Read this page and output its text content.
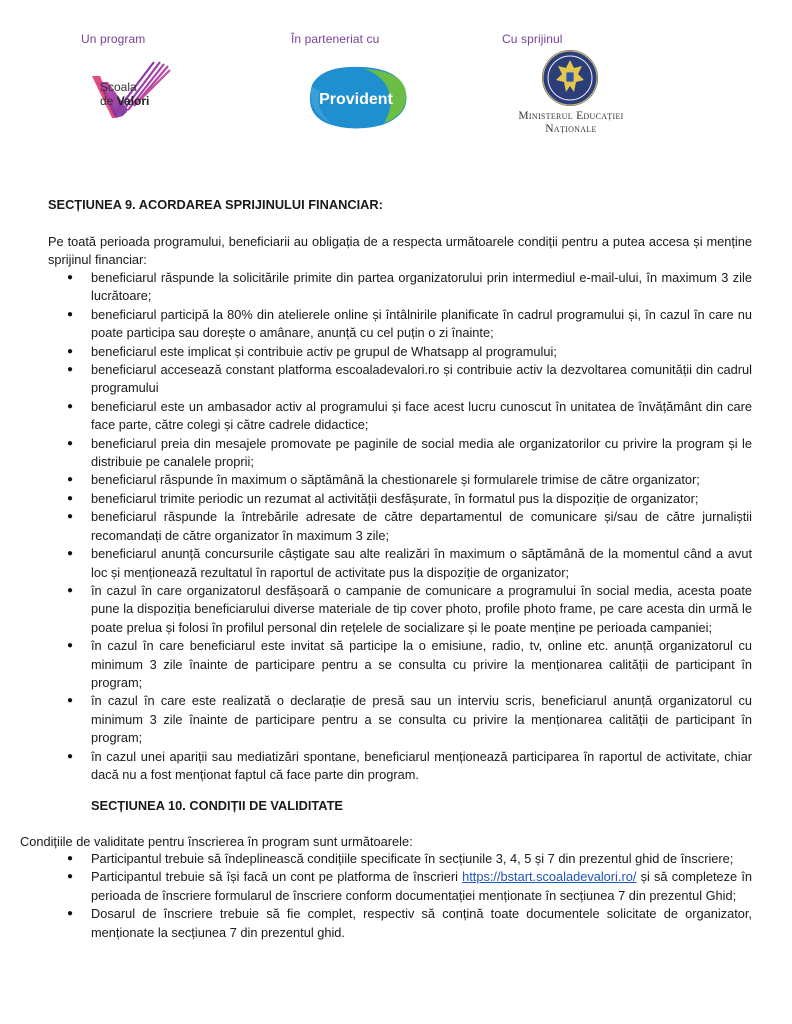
Un program	În parteneriat cu	Cu sprijinul
Școala
de Valori	Provident
Ministerul Educației
Naționale

SECȚIUNEA 9. ACORDAREA SPRIJINULUI FINANCIAR:

Pe toată perioada programului, beneficiarii au obligația de a respecta următoarele condiții pentru a putea accesa și menține sprijinul financiar:

● beneficiarul răspunde la solicitările primite din partea organizatorului prin intermediul e-mail-ului, în maximum 3 zile lucrătoare;
● beneficiarul participă la 80% din atelierele online și întâlnirile planificate în cadrul programului și, în cazul în care nu poate participa sau dorește o amânare, anunță cu cel puțin o zi înainte;
● beneficiarul este implicat și contribuie activ pe grupul de Whatsapp al programului;
● beneficiarul accesează constant platforma escoaladevalori.ro și contribuie activ la dezvoltarea comunității din cadrul programului
● beneficiarul este un ambasador activ al programului și face acest lucru cunoscut în unitatea de învățământ din care face parte, către colegi și către cadrele didactice;
● beneficiarul preia din mesajele promovate pe paginile de social media ale organizatorilor cu privire la program și le distribuie pe canalele proprii;
● beneficiarul răspunde în maximum o săptămână la chestionarele și formularele trimise de către organizator;
● beneficiarul trimite periodic un rezumat al activității desfășurate, în formatul pus la dispoziție de organizator;
● beneficiarul răspunde la întrebările adresate de către departamentul de comunicare și/sau de către jurnaliștii recomandați de către organizator în maximum 3 zile;
● beneficiarul anunță concursurile câștigate sau alte realizări în maximum o săptămână de la momentul când a avut loc și menționează rezultatul în raportul de activitate pus la dispoziție de organizator;
● în cazul în care organizatorul desfășoară o campanie de comunicare a programului în social media, acesta poate pune la dispoziția beneficiarului diverse materiale de tip cover photo, profile photo frame, pe care acesta din urmă le poate prelua și folosi în profilul personal din rețelele de socializare și le poate menține pe perioada campaniei;
● în cazul în care beneficiarul este invitat să participe la o emisiune, radio, tv, online etc. anunță organizatorul cu minimum 3 zile înainte de participare pentru a se consulta cu privire la menționarea calității de participant în program;
● în cazul în care este realizată o declarație de presă sau un interviu scris, beneficiarul anunță organizatorul cu minimum 3 zile înainte de participare pentru a se consulta cu privire la menționarea calității de participant în program;
● în cazul unei apariții sau mediatizări spontane, beneficiarul menționează participarea în raportul de activitate, chiar dacă nu a fost menționat faptul că face parte din program.

SECȚIUNEA 10. CONDIȚII DE VALIDITATE

Condițiile de validitate pentru înscrierea în program sunt următoarele:

● Participantul trebuie să îndeplinească condițiile specificate în secțiunile 3, 4, 5 și 7 din prezentul ghid de înscriere;
● Participantul trebuie să își facă un cont pe platforma de înscrieri https://bstart.scoaladevalori.ro/ și să completeze în perioada de înscriere formularul de înscriere conform documentației menționate în secțiunea 7 din prezentul Ghid;
● Dosarul de înscriere trebuie să fie complet, respectiv să conțină toate documentele solicitate de organizator, menționate la secțiunea 7 din prezentul ghid.
